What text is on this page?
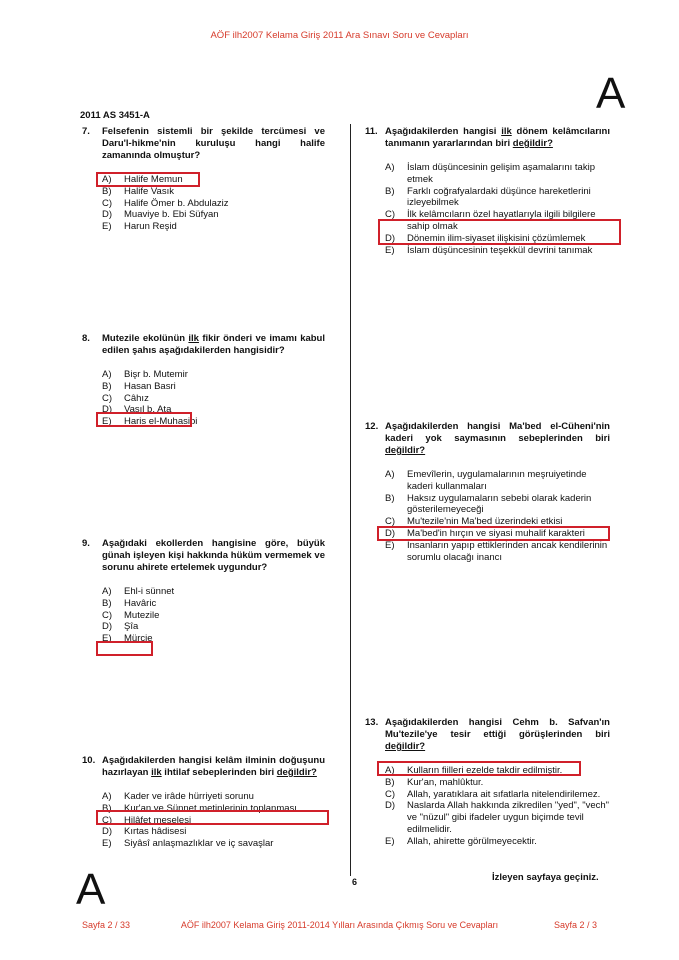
AÖF ilh2007 Kelama Giriş 2011 Ara Sınavı Soru ve Cevapları
A
2011 AS 3451-A
7.	Felsefenin sistemli bir şekilde tercümesi ve Daru'l-hikme'nin kuruluşu hangi halife zamanında olmuştur?
A)	Halife Memun
B)	Halife Vasık
C)	Halife Ömer b. Abdulaziz
D)	Muaviye b. Ebi Süfyan
E)	Harun Reşid
8.	Mutezile ekolünün ilk fikir önderi ve imamı kabul edilen şahıs aşağıdakilerden hangisidir?
A)	Bişr b. Mutemir
B)	Hasan Basri
C)	Câhız
D)	Vasıl b. Ata
E)	Haris el-Muhasibi
9.	Aşağıdaki ekollerden hangisine göre, büyük günah işleyen kişi hakkında hüküm vermemek ve sorunu ahirete ertelemek uygundur?
A)	Ehl-i sünnet
B)	Havâric
C)	Mutezile
D)	Şîa
E)	Mürcie
10. Aşağıdakilerden hangisi kelâm ilminin doğuşunu hazırlayan ilk ihtilaf sebeplerinden biri değildir?
A)	Kader ve irâde hürriyeti sorunu
B)	Kur'an ve Sünnet metinlerinin toplanması
C)	Hilâfet meselesi
D)	Kırtas hâdisesi
E)	Siyâsî anlaşmazlıklar ve iç savaşlar
11. Aşağıdakilerden hangisi ilk dönem kelâmcılarını tanımanın yararlarından biri değildir?
A)	İslam düşüncesinin gelişim aşamalarını takip etmek
B)	Farklı coğrafyalardaki düşünce hareketlerini izleyebilmek
C)	İlk kelâmcıların özel hayatlarıyla ilgili bilgilere sahip olmak
D)	Dönemin ilim-siyaset ilişkisini çözümlemek
E)	İslam düşüncesinin teşekkül devrini tanımak
12. Aşağıdakilerden hangisi Ma'bed el-Cüheni'nin kaderi yok saymasının sebeplerinden biri değildir?
A)	Emevîlerin, uygulamalarının meşruiyetinde kaderi kullanmaları
B)	Haksız uygulamaların sebebi olarak kaderin gösterilemeyeceği
C)	Mu'tezile'nin Ma'bed üzerindeki etkisi
D)	Ma'bed'in hırçın ve siyasi muhalif karakteri
E)	İnsanların yapıp ettiklerinden ancak kendilerinin sorumlu olacağı inancı
13. Aşağıdakilerden hangisi Cehm b. Safvan'ın Mu'tezile'ye tesir ettiği görüşlerinden biri değildir?
A)	Kulların fiilleri ezelde takdir edilmiştir.
B)	Kur'an, mahlûktur.
C)	Allah, yaratıklara ait sıfatlarla nitelendirilemez.
D)	Naslarda Allah hakkında zikredilen "yed", "vech" ve "nüzul" gibi ifadeler uygun biçimde tevil edilmelidir.
E)	Allah, ahirette görülmeyecektir.
6	İzleyen sayfaya geçiniz.
A
Sayfa 2 / 33	AÖF ilh2007 Kelama Giriş 2011-2014 Yılları Arasında Çıkmış Soru ve Cevapları	Sayfa 2 / 3
